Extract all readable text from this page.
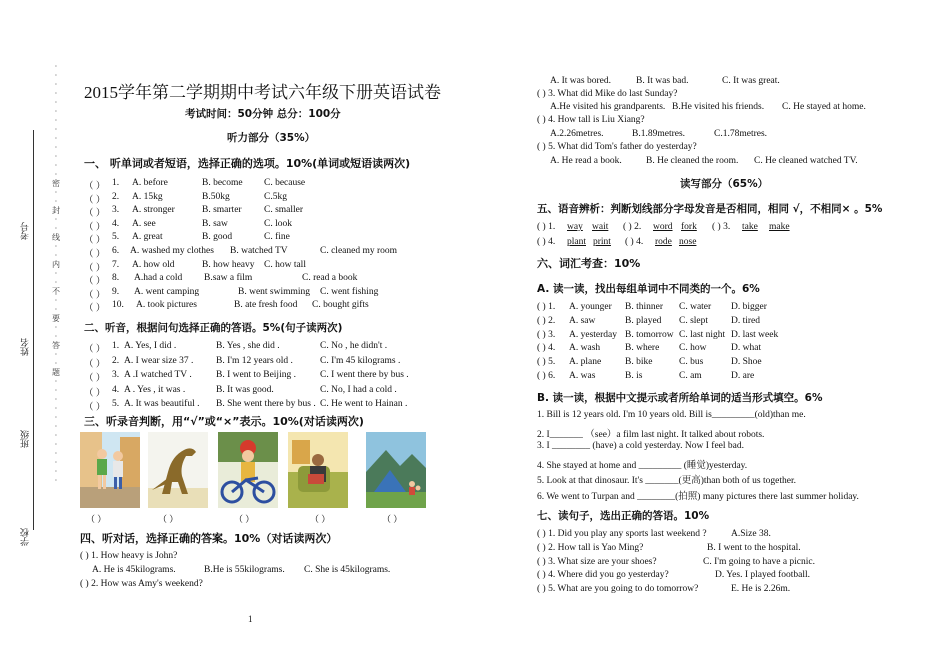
考号
姓名
班级
学校
·
·
·
·
·
·
·
·
·
·
·
·
·
密
·
·
封
·
·
线
·
·
内
·
·
不
·
·
要
·
·
答
·
·
题
·
·
·
·
·
·
·
·
·
·
·
·
2015学年第二学期期中考试六年级下册英语试卷
考试时间：50分钟 总分：100分
听力部分（35%）
一、 听单词或者短语，选择正确的选项。10%(单词或短语读两次)
（ ） 1. A. before	B. become C. because
（ ） 2. A. 15kg	B.50kg	C.5kg
（ ） 3. A. stronger	B. smarter C. smaller
（ ） 4. A. see	B. saw	C. look
（ ） 5. A. great	B. good	C. fine
（ ） 6. A. washed my clothes B. watched TV	C. cleaned my room
（ ） 7. A. how old	B. how heavy C. how tall
（ ） 8. A.had a cold B.saw a film	C. read a book
（ ） 9. A. went camping	B. went swimming C. went fishing
（ ） 10. A. took pictures	B. ate fresh food C. bought gifts
二、听音，根据问句选择正确的答语。5%(句子读两次)
（ ） 1. A. Yes, I did .	B. Yes , she did .	C. No , he didn't .
（ ） 2. A. I wear size 37 . B. I'm 12 years old .	C. I'm 45 kilograms .
（ ） 3. A .I watched TV .	B. I went to Beijing .	C. I went there by bus .
（ ） 4. A . Yes , it was .	B. It was good.	C. No, I had a cold .
（ ） 5. A. It was beautiful . B. She went there by bus . C. He went to Hainan .
三、听录音判断，用“√”或“×”表示。10%(对话读两次)
（ ）	（ ）	（ ）	（ ）	（ ）
四、听对话，选择正确的答案。10%（对话读两次）
( ) 1. How heavy is John?
A. He is 45kilograms.	B.He is 55kilograms. C. She is 45kilograms.
( ) 2. How was Amy's weekend?
1
A. It was bored.	B. It was bad.	C. It was great.
( ) 3. What did Mike do last Sunday?
A.He visited his grandparents. B.He visited his friends. C. He stayed at home.
( ) 4. How tall is Liu Xiang?
A.2.26metres.	B.1.89metres.	C.1.78metres.
( ) 5. What did Tom's father do yesterday?
A. He read a book.	B. He cleaned the room. C. He cleaned watched TV.
读写部分（65%）
五、语音辨析：判断划线部分字母发音是否相同，相同 √，不相同× 。5%
( ) 1. way wait ( ) 2. word fork ( ) 3. take make
( ) 4. plant print ( ) 4. rode nose
六、词汇考查：10%
A. 读一读，找出每组单词中不同类的一个。6%
( ) 1. A. younger B. thinner C. water D. bigger
( ) 2. A. saw	B. played C. slept D. tired
( ) 3. A. yesterday B. tomorrow C. last night D. last week
( ) 4. A. wash	B. where C. how	D. what
( ) 5. A. plane	B. bike	C. bus	D. Shoe
( ) 6. A. was	B. is	C. am	D. are
B. 读一读，根据中文提示或者所给单词的适当形式填空。6%
1. Bill is 12 years old. I'm 10 years old. Bill is_________(old)than me.
2. I_______ （see）a film last night. It talked about robots.
3. I ________ (have) a cold yesterday. Now I feel bad.
4. She stayed at home and _________ (睡觉)yesterday.
5. Look at that dinosaur. It's _______(更高)than both of us together.
6. We went to Turpan and ________(拍照) many pictures there last summer holiday.
七、读句子，选出正确的答语。10%
( ) 1. Did you play any sports last weekend ?	A.Size 38.
( ) 2. How tall is Yao Ming?	B. I went to the hospital.
( ) 3. What size are your shoes?	C. I'm going to have a picnic.
( ) 4. Where did you go yesterday?	D. Yes. I played football.
( ) 5. What are you going to do tomorrow?	E. He is 2.26m.
